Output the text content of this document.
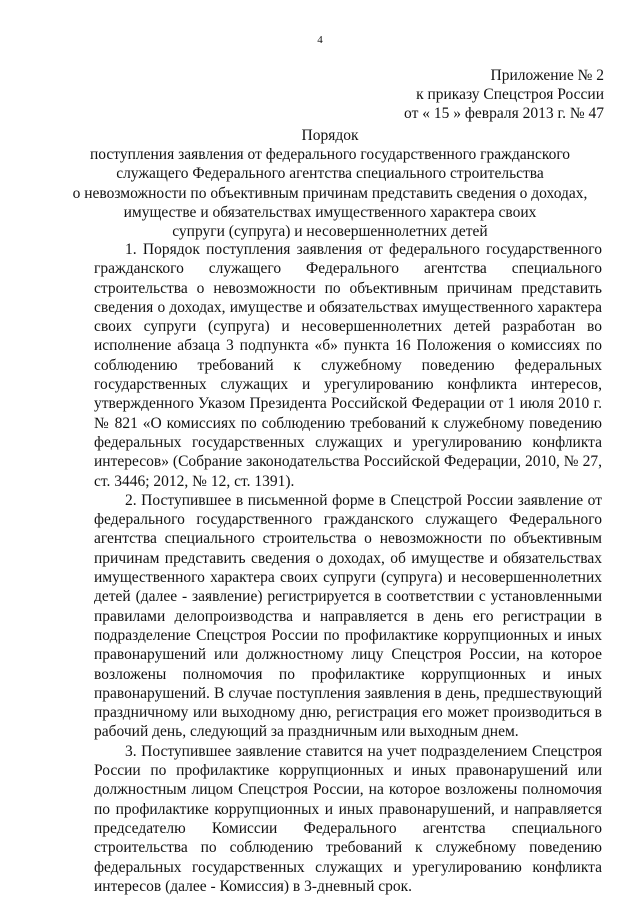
4
Приложение № 2
к приказу Спецстроя России
от « 15 » февраля 2013 г. № 47
Порядок
поступления заявления от федерального государственного гражданского
служащего Федерального агентства специального строительства
о невозможности по объективным причинам представить сведения о доходах,
имуществе и обязательствах имущественного характера своих
супруги (супруга) и несовершеннолетних детей

1. Порядок поступления заявления от федерального государственного гражданского служащего Федерального агентства специального строительства о невозможности по объективным причинам представить сведения о доходах, имуществе и обязательствах имущественного характера своих супруги (супруга) и несовершеннолетних детей разработан во исполнение абзаца 3 подпункта «б» пункта 16 Положения о комиссиях по соблюдению требований к служебному поведению федеральных государственных служащих и урегулированию конфликта интересов, утвержденного Указом Президента Российской Федерации от 1 июля 2010 г. № 821 «О комиссиях по соблюдению требований к служебному поведению федеральных государственных служащих и урегулированию конфликта интересов» (Собрание законодательства Российской Федерации, 2010, № 27, ст. 3446; 2012, № 12, ст. 1391).

2. Поступившее в письменной форме в Спецстрой России заявление от федерального государственного гражданского служащего Федерального агентства специального строительства о невозможности по объективным причинам представить сведения о доходах, об имуществе и обязательствах имущественного характера своих супруги (супруга) и несовершеннолетних детей (далее - заявление) регистрируется в соответствии с установленными правилами делопроизводства и направляется в день его регистрации в подразделение Спецстроя России по профилактике коррупционных и иных правонарушений или должностному лицу Спецстроя России, на которое возложены полномочия по профилактике коррупционных и иных правонарушений. В случае поступления заявления в день, предшествующий праздничному или выходному дню, регистрация его может производиться в рабочий день, следующий за праздничным или выходным днем.

3. Поступившее заявление ставится на учет подразделением Спецстроя России по профилактике коррупционных и иных правонарушений или должностным лицом Спецстроя России, на которое возложены полномочия по профилактике коррупционных и иных правонарушений, и направляется председателю Комиссии Федерального агентства специального строительства по соблюдению требований к служебному поведению федеральных государственных служащих и урегулированию конфликта интересов (далее - Комиссия) в 3-дневный срок.
